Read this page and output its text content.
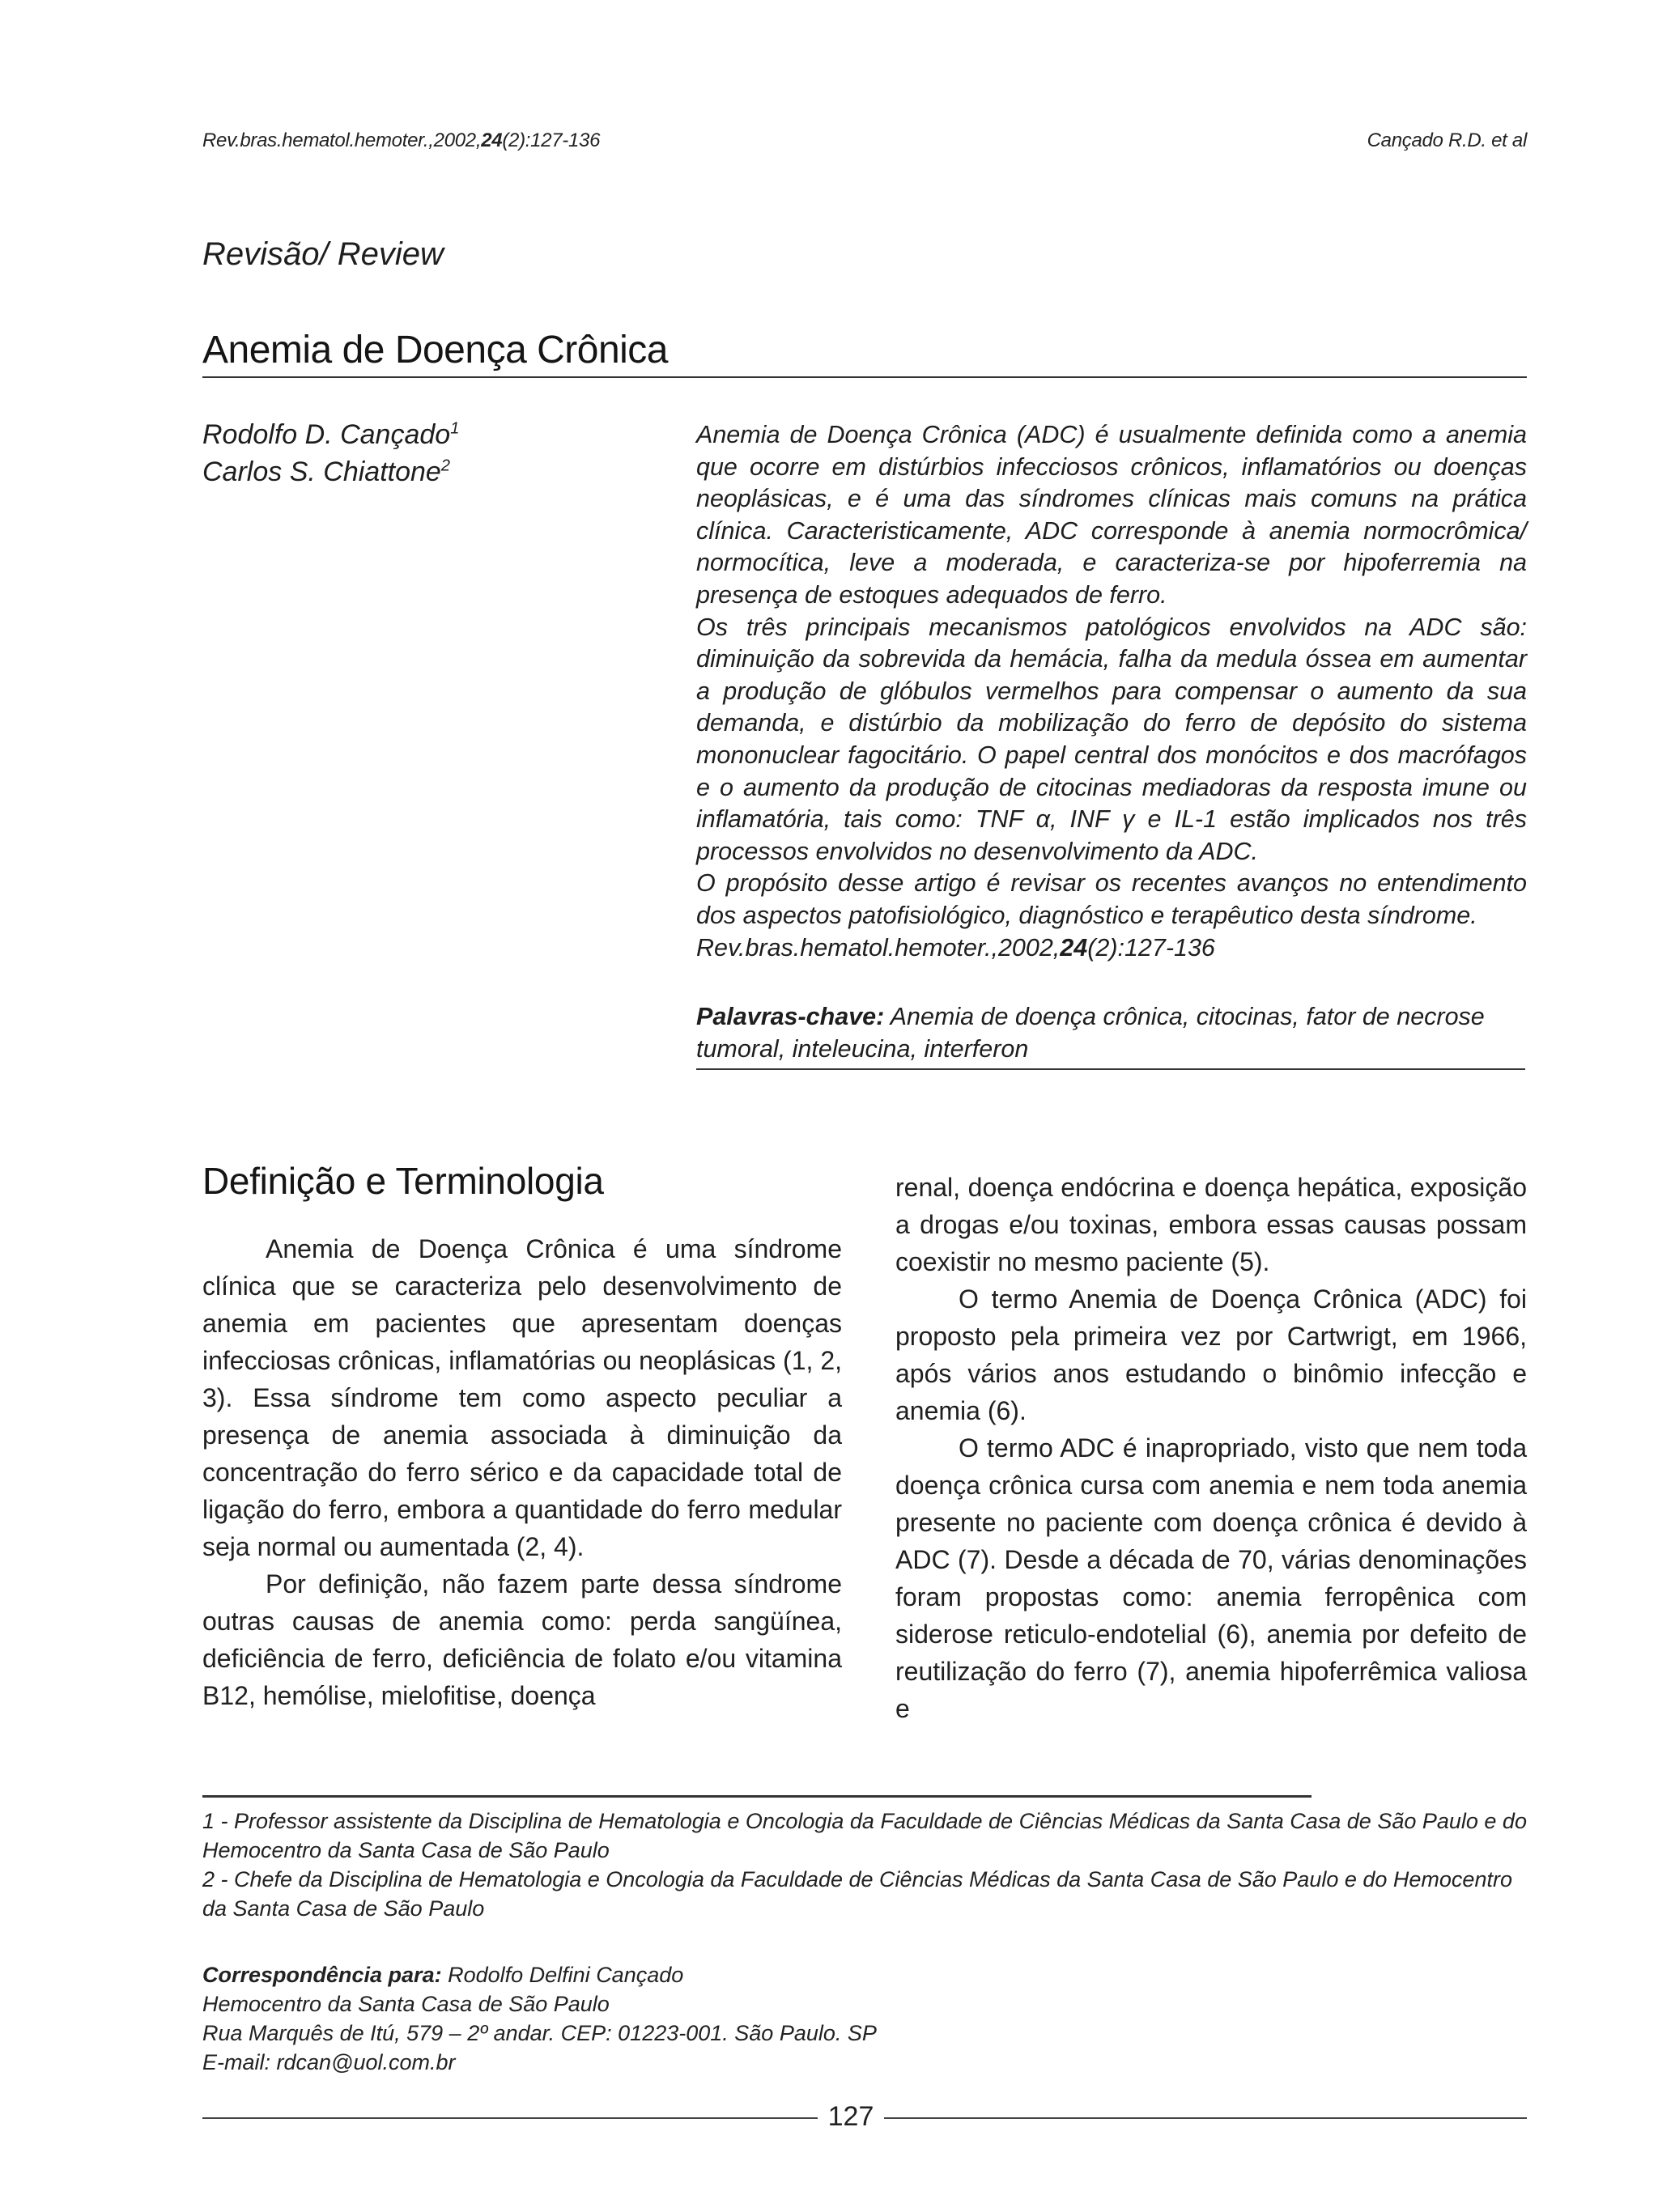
Rev.bras.hematol.hemoter.,2002,24(2):127-136	Cançado R.D. et al
Revisão/ Review
Anemia de Doença Crônica
Rodolfo D. Cançado$^1$
Carlos S. Chiattone$^2$

Anemia de Doença Crônica (ADC) é usualmente definida como a anemia que ocorre em distúrbios infecciosos crônicos, inflamatórios ou doenças neoplásicas, e é uma das síndromes clínicas mais comuns na prática clínica. Caracteristicamente, ADC corresponde à anemia normocrômica/ normocítica, leve a moderada, e caracteriza-se por hipoferremia na presença de estoques adequados de ferro.

Os três principais mecanismos patológicos envolvidos na ADC são: diminuição da sobrevida da hemácia, falha da medula óssea em aumentar a produção de glóbulos vermelhos para compensar o aumento da sua demanda, e distúrbio da mobilização do ferro de depósito do sistema mononuclear fagocitário. O papel central dos monócitos e dos macrófagos e o aumento da produção de citocinas mediadoras da resposta imune ou inflamatória, tais como: TNF α, INF γ e IL-1 estão implicados nos três processos envolvidos no desenvolvimento da ADC.

O propósito desse artigo é revisar os recentes avanços no entendimento dos aspectos patofisiológico, diagnóstico e terapêutico desta síndrome.

Rev.bras.hematol.hemoter.,2002,24(2):127-136

Palavras-chave: Anemia de doença crônica, citocinas, fator de necrose tumoral, inteleucina, interferon
Definição e Terminologia

Anemia de Doença Crônica é uma síndrome clínica que se caracteriza pelo desenvolvimento de anemia em pacientes que apresentam doenças infecciosas crônicas, inflamatórias ou neoplásicas (1, 2, 3). Essa síndrome tem como aspecto peculiar a presença de anemia associada à diminuição da concentração do ferro sérico e da capacidade total de ligação do ferro, embora a quantidade do ferro medular seja normal ou aumentada (2, 4).

Por definição, não fazem parte dessa síndrome outras causas de anemia como: perda sangüínea, deficiência de ferro, deficiência de folato e/ou vitamina B12, hemólise, mielofitise, doença

renal, doença endócrina e doença hepática, exposição a drogas e/ou toxinas, embora essas causas possam coexistir no mesmo paciente (5).

O termo Anemia de Doença Crônica (ADC) foi proposto pela primeira vez por Cartwrigt, em 1966, após vários anos estudando o binômio infecção e anemia (6).

O termo ADC é inapropriado, visto que nem toda doença crônica cursa com anemia e nem toda anemia presente no paciente com doença crônica é devido à ADC (7). Desde a década de 70, várias denominações foram propostas como: anemia ferropênica com siderose reticulo-endotelial (6), anemia por defeito de reutilização do ferro (7), anemia hipoferrêmica valiosa e

1 - Professor assistente da Disciplina de Hematologia e Oncologia da Faculdade de Ciências Médicas da Santa Casa de São Paulo e do Hemocentro da Santa Casa de São Paulo

2 - Chefe da Disciplina de Hematologia e Oncologia da Faculdade de Ciências Médicas da Santa Casa de São Paulo e do Hemocentro da Santa Casa de São Paulo

Correspondência para: Rodolfo Delfini Cançado

Hemocentro da Santa Casa de São Paulo

Rua Marquês de Itú, 579 – 2º andar. CEP: 01223-001. São Paulo. SP

E-mail: rdcan@uol.com.br

127
